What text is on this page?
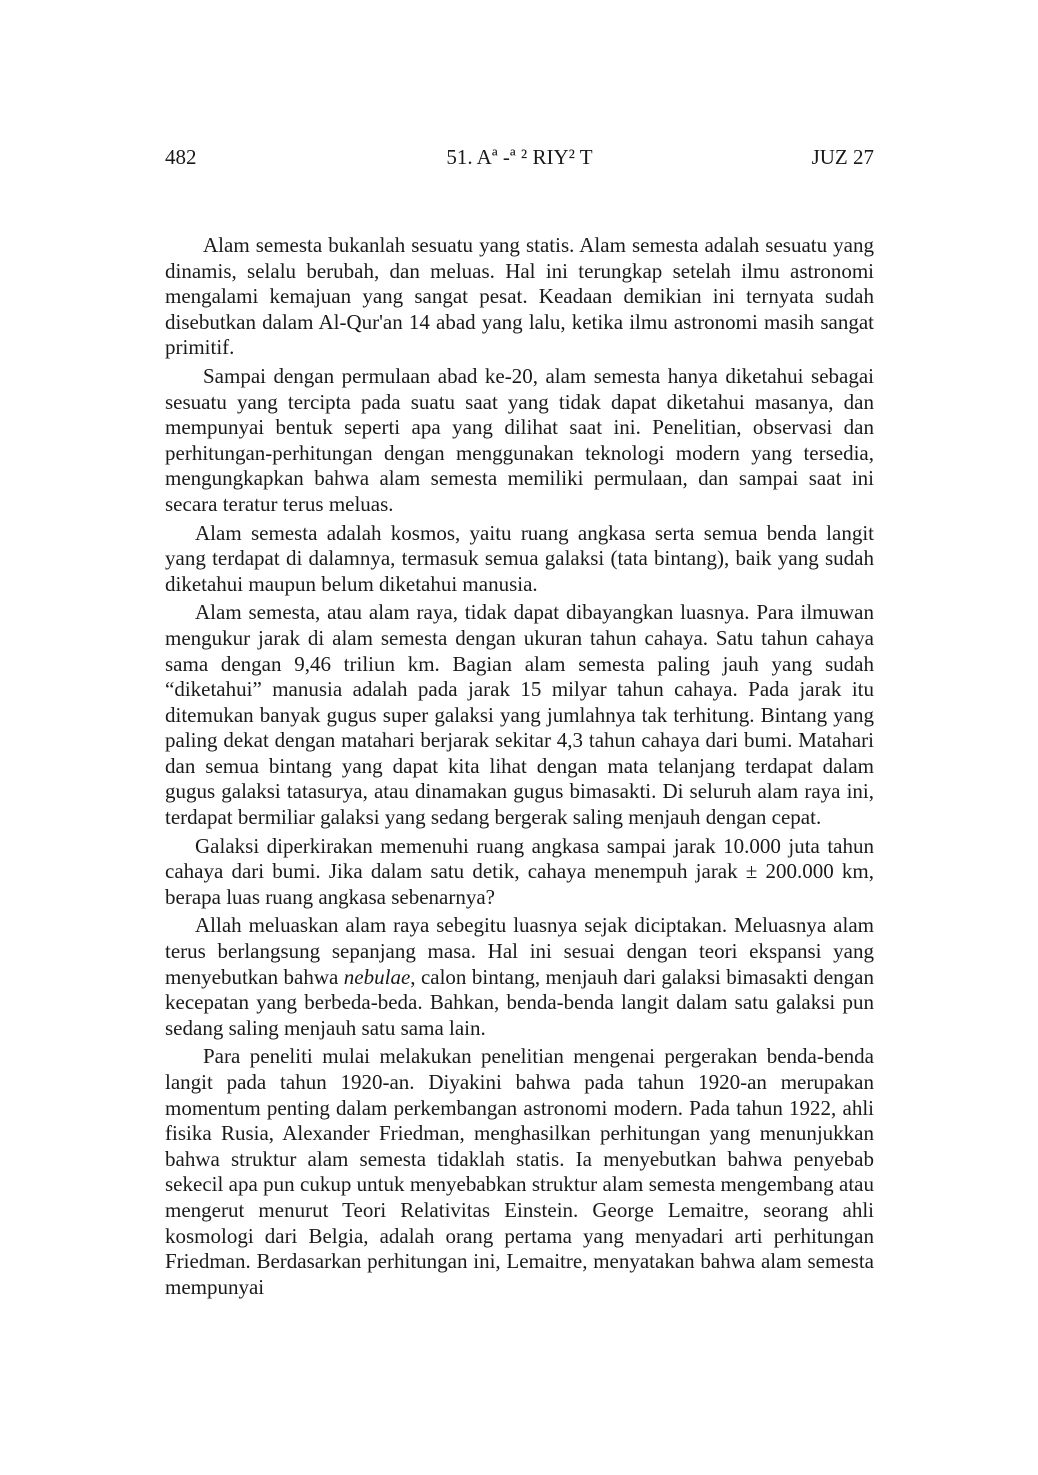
482	51. Aª -ª ² RIY² T	JUZ 27

Alam semesta bukanlah sesuatu yang statis. Alam semesta adalah sesuatu yang dinamis, selalu berubah, dan meluas. Hal ini terungkap setelah ilmu astronomi mengalami kemajuan yang sangat pesat. Keadaan demikian ini ternyata sudah disebutkan dalam Al-Qur'an 14 abad yang lalu, ketika ilmu astronomi masih sangat primitif.

Sampai dengan permulaan abad ke-20, alam semesta hanya diketahui sebagai sesuatu yang tercipta pada suatu saat yang tidak dapat diketahui masanya, dan mempunyai bentuk seperti apa yang dilihat saat ini. Penelitian, observasi dan perhitungan-perhitungan dengan menggunakan teknologi modern yang tersedia, mengungkapkan bahwa alam semesta memiliki permulaan, dan sampai saat ini secara teratur terus meluas.

Alam semesta adalah kosmos, yaitu ruang angkasa serta semua benda langit yang terdapat di dalamnya, termasuk semua galaksi (tata bintang), baik yang sudah diketahui maupun belum diketahui manusia.

Alam semesta, atau alam raya, tidak dapat dibayangkan luasnya. Para ilmuwan mengukur jarak di alam semesta dengan ukuran tahun cahaya. Satu tahun cahaya sama dengan 9,46 triliun km. Bagian alam semesta paling jauh yang sudah “diketahui” manusia adalah pada jarak 15 milyar tahun cahaya. Pada jarak itu ditemukan banyak gugus super galaksi yang jumlahnya tak terhitung. Bintang yang paling dekat dengan matahari berjarak sekitar 4,3 tahun cahaya dari bumi. Matahari dan semua bintang yang dapat kita lihat dengan mata telanjang terdapat dalam gugus galaksi tatasurya, atau dinamakan gugus bimasakti. Di seluruh alam raya ini, terdapat bermiliar galaksi yang sedang bergerak saling menjauh dengan cepat.

Galaksi diperkirakan memenuhi ruang angkasa sampai jarak 10.000 juta tahun cahaya dari bumi. Jika dalam satu detik, cahaya menempuh jarak ± 200.000 km, berapa luas ruang angkasa sebenarnya?

Allah meluaskan alam raya sebegitu luasnya sejak diciptakan. Meluasnya alam terus berlangsung sepanjang masa. Hal ini sesuai dengan teori ekspansi yang menyebutkan bahwa nebulae, calon bintang, menjauh dari galaksi bimasakti dengan kecepatan yang berbeda-beda. Bahkan, benda-benda langit dalam satu galaksi pun sedang saling menjauh satu sama lain.

Para peneliti mulai melakukan penelitian mengenai pergerakan benda-benda langit pada tahun 1920-an. Diyakini bahwa pada tahun 1920-an merupakan momentum penting dalam perkembangan astronomi modern. Pada tahun 1922, ahli fisika Rusia, Alexander Friedman, menghasilkan perhitungan yang menunjukkan bahwa struktur alam semesta tidaklah statis. Ia menyebutkan bahwa penyebab sekecil apa pun cukup untuk menyebabkan struktur alam semesta mengembang atau mengerut menurut Teori Relativitas Einstein. George Lemaitre, seorang ahli kosmologi dari Belgia, adalah orang pertama yang menyadari arti perhitungan Friedman. Berdasarkan perhitungan ini, Lemaitre, menyatakan bahwa alam semesta mempunyai
